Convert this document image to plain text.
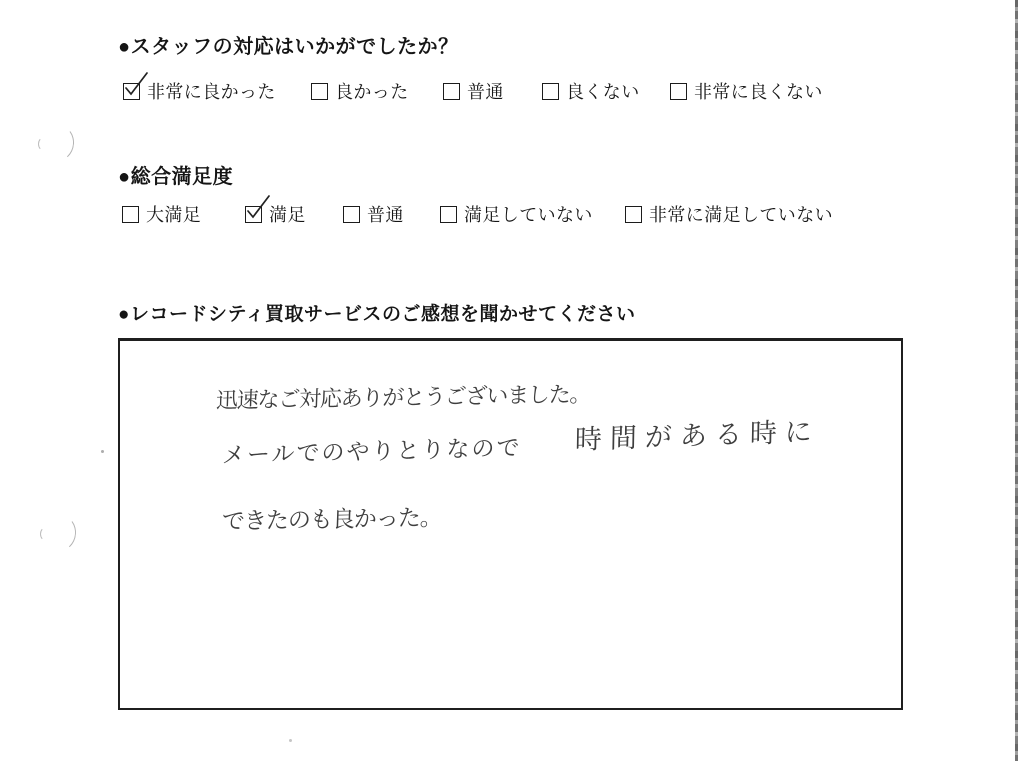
●スタッフの対応はいかがでしたか？
非常に良かった	良かった	普通	良くない	非常に良くない
●総合満足度
大満足	満足	普通	満足していない	非常に満足していない
●レコードシティ買取サービスのご感想を聞かせてください
迅速なご対応ありがとうございました。
メールでのやりとりなので 時間がある時に
できたのも良かった。
